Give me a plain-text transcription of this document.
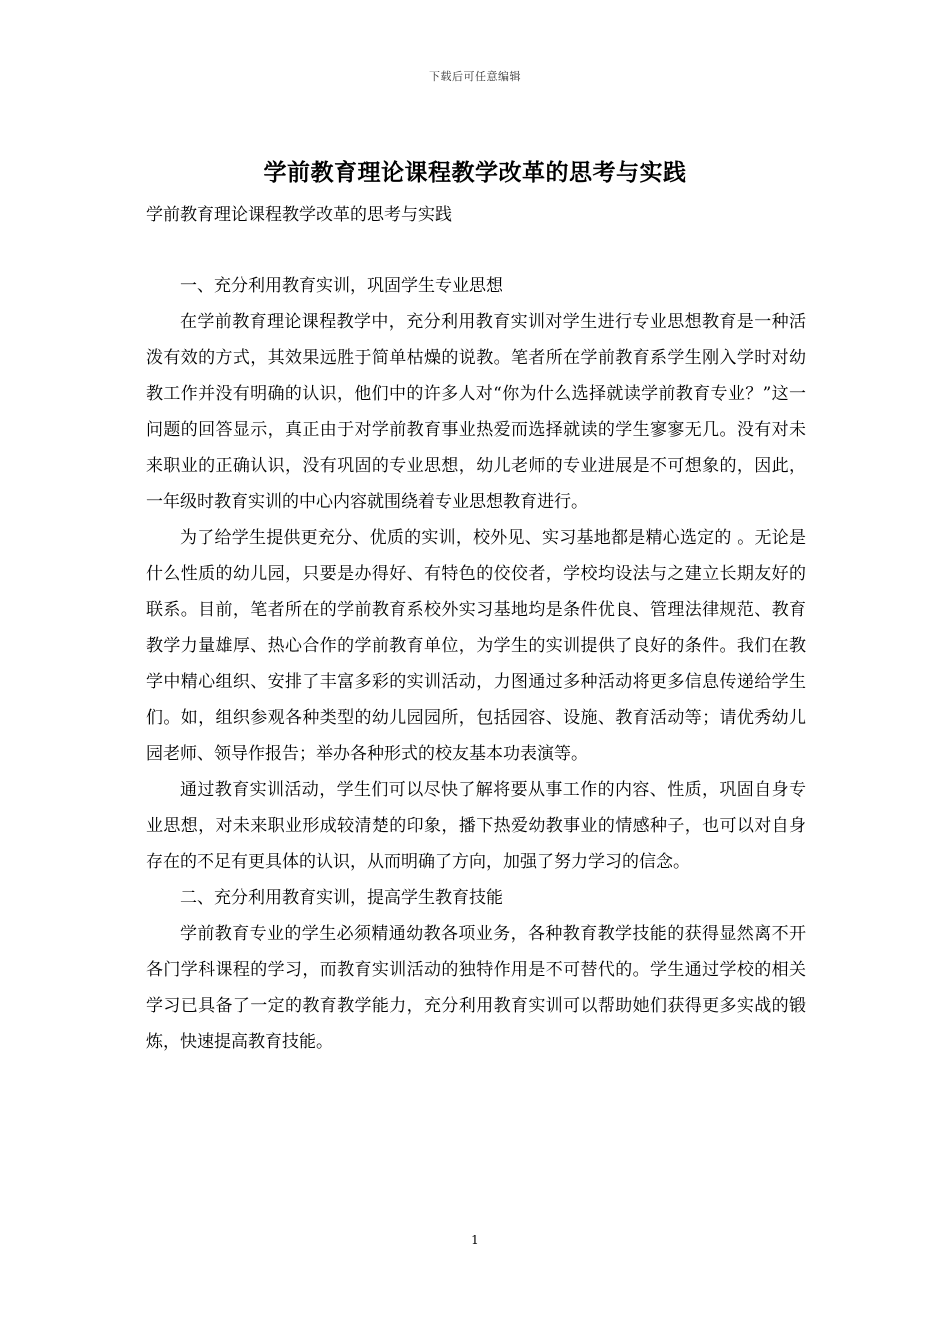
下载后可任意编辑
学前教育理论课程教学改革的思考与实践
学前教育理论课程教学改革的思考与实践

一、充分利用教育实训，巩固学生专业思想

在学前教育理论课程教学中，充分利用教育实训对学生进行专业思想教育是一种活泼有效的方式，其效果远胜于简单枯燥的说教。笔者所在学前教育系学生刚入学时对幼教工作并没有明确的认识，他们中的许多人对“你为什么选择就读学前教育专业？”这一问题的回答显示，真正由于对学前教育事业热爱而选择就读的学生寥寥无几。没有对未来职业的正确认识，没有巩固的专业思想，幼儿老师的专业进展是不可想象的，因此，一年级时教育实训的中心内容就围绕着专业思想教育进行。

为了给学生提供更充分、优质的实训，校外见、实习基地都是精心选定的 。无论是什么性质的幼儿园，只要是办得好、有特色的佼佼者，学校均设法与之建立长期友好的联系。目前，笔者所在的学前教育系校外实习基地均是条件优良、管理法律规范、教育教学力量雄厚、热心合作的学前教育单位，为学生的实训提供了良好的条件。我们在教学中精心组织、安排了丰富多彩的实训活动，力图通过多种活动将更多信息传递给学生们。如，组织参观各种类型的幼儿园园所，包括园容、设施、教育活动等；请优秀幼儿园老师、领导作报告；举办各种形式的校友基本功表演等。

通过教育实训活动，学生们可以尽快了解将要从事工作的内容、性质，巩固自身专业思想，对未来职业形成较清楚的印象，播下热爱幼教事业的情感种子，也可以对自身存在的不足有更具体的认识，从而明确了方向，加强了努力学习的信念。

二、充分利用教育实训，提高学生教育技能

学前教育专业的学生必须精通幼教各项业务，各种教育教学技能的获得显然离不开各门学科课程的学习，而教育实训活动的独特作用是不可替代的。学生通过学校的相关学习已具备了一定的教育教学能力，充分利用教育实训可以帮助她们获得更多实战的锻炼，快速提高教育技能。

1
